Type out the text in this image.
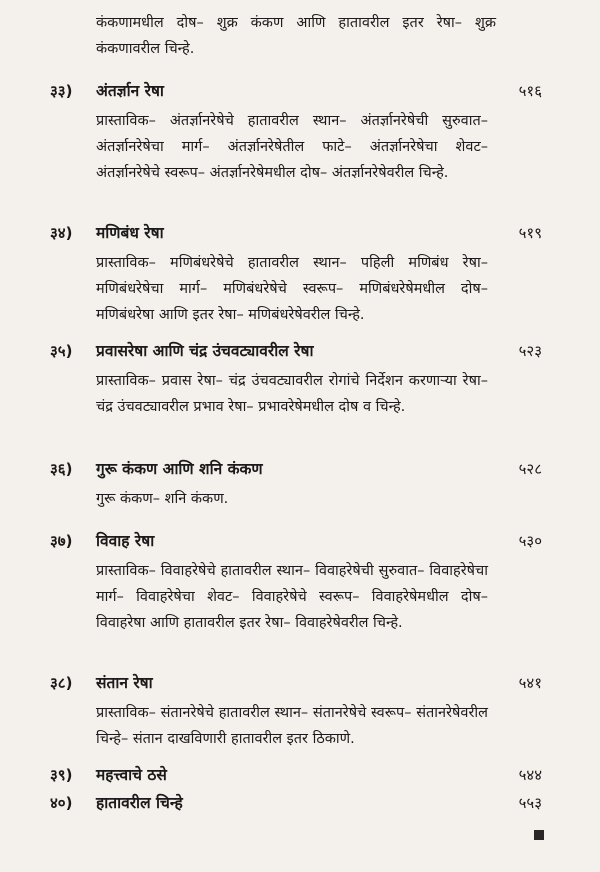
कंकणामधील दोष– शुक्र कंकण आणि हातावरील इतर रेषा– शुक्र कंकणावरील चिन्हे.
३३) अंतर्ज्ञान रेषा	५१६
प्रास्ताविक– अंतर्ज्ञानरेषेचे हातावरील स्थान– अंतर्ज्ञानरेषेची सुरुवात– अंतर्ज्ञानरेषेचा मार्ग– अंतर्ज्ञानरेषेतील फाटे– अंतर्ज्ञानरेषेचा शेवट– अंतर्ज्ञानरेषेचे स्वरूप– अंतर्ज्ञानरेषेमधील दोष– अंतर्ज्ञानरेषेवरील चिन्हे.
३४) मणिबंध रेषा	५१९
प्रास्ताविक– मणिबंधरेषेचे हातावरील स्थान– पहिली मणिबंध रेषा– मणिबंधरेषेचा मार्ग– मणिबंधरेषेचे स्वरूप– मणिबंधरेषेमधील दोष– मणिबंधरेषा आणि इतर रेषा– मणिबंधरेषेवरील चिन्हे.
३५) प्रवासरेषा आणि चंद्र उंचवट्यावरील रेषा	५२३
प्रास्ताविक– प्रवास रेषा– चंद्र उंचवट्यावरील रोगांचे निर्देशन करणाऱ्या रेषा– चंद्र उंचवट्यावरील प्रभाव रेषा– प्रभावरेषेमधील दोष व चिन्हे.
३६) गुरू कंकण आणि शनि कंकण	५२८
गुरू कंकण– शनि कंकण.
३७) विवाह रेषा	५३०
प्रास्ताविक– विवाहरेषेचे हातावरील स्थान– विवाहरेषेची सुरुवात– विवाहरेषेचा मार्ग– विवाहरेषेचा शेवट– विवाहरेषेचे स्वरूप– विवाहरेषेमधील दोष– विवाहरेषा आणि हातावरील इतर रेषा– विवाहरेषेवरील चिन्हे.
३८) संतान रेषा	५४१
प्रास्ताविक– संतानरेषेचे हातावरील स्थान– संतानरेषेचे स्वरूप– संतानरेषेवरील चिन्हे– संतान दाखविणारी हातावरील इतर ठिकाणे.
३९) महत्त्वाचे ठसे	५४४
४०) हातावरील चिन्हे	५५३
